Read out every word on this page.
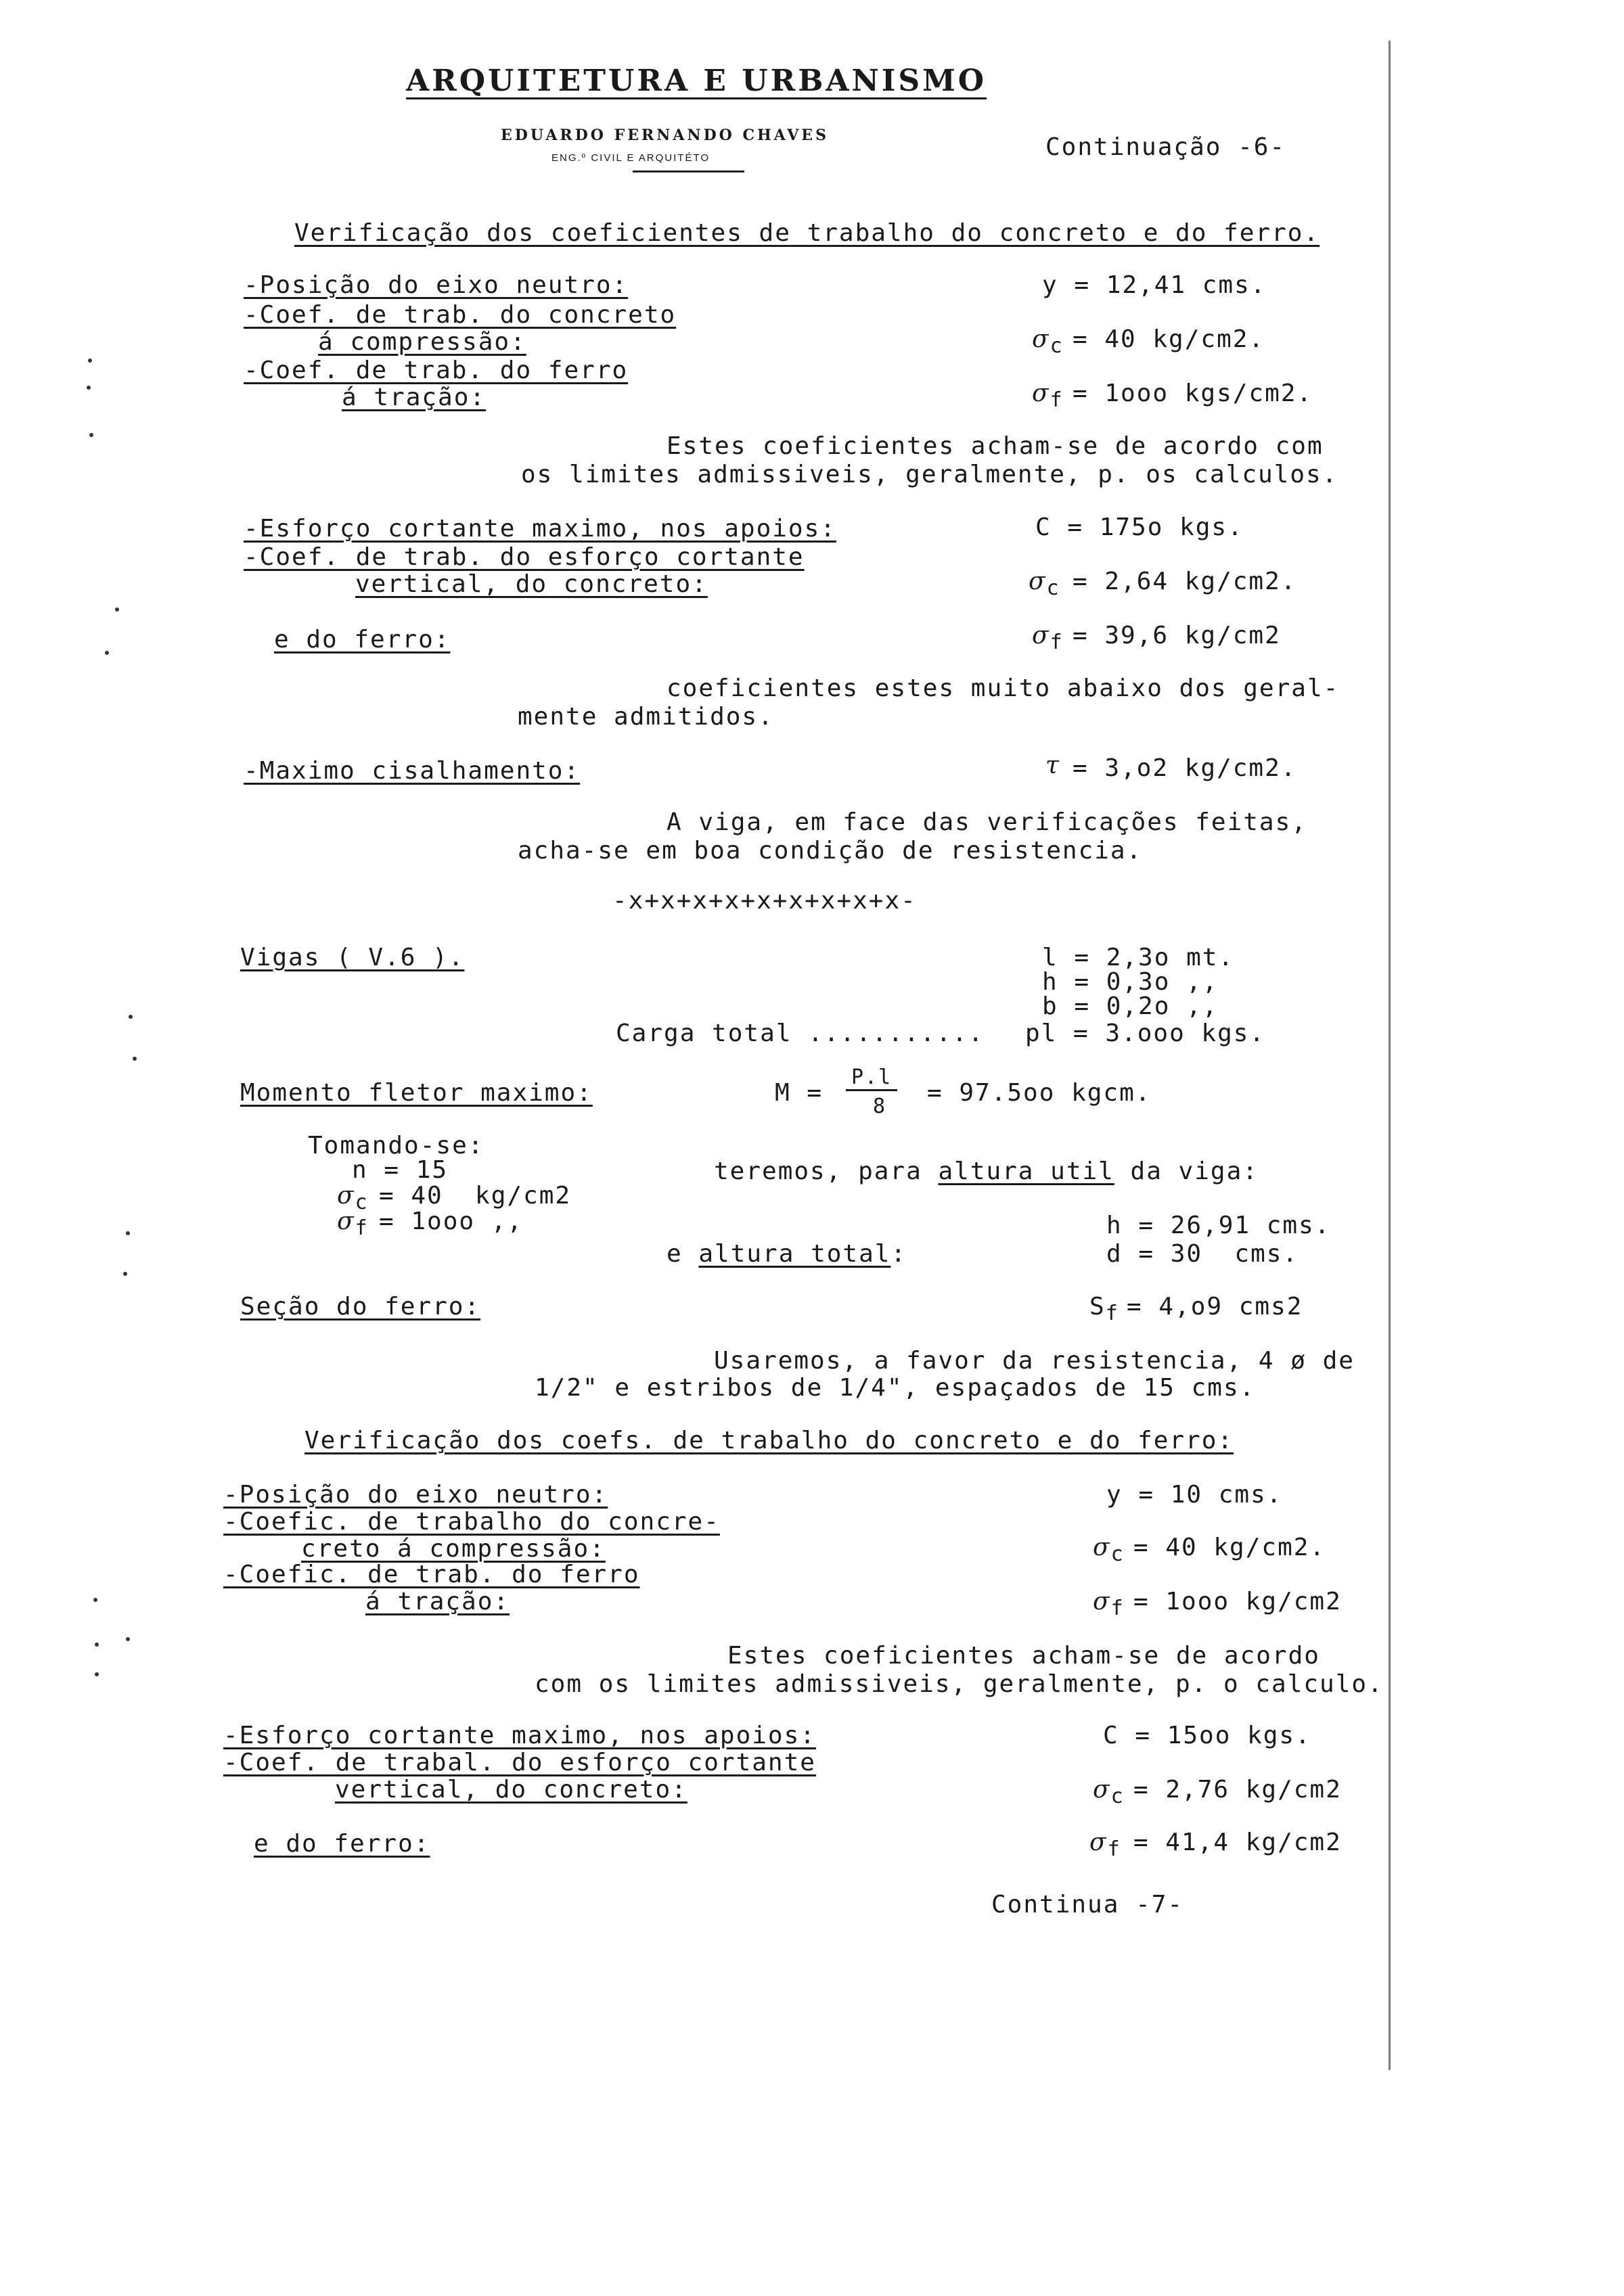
ARQUITETURA E URBANISMO
EDUARDO FERNANDO CHAVES
ENG.º CIVIL E ARQUITÉTO	Continuação -6-
Verificação dos coeficientes de trabalho do concreto e do ferro.
-Posição do eixo neutro:	y = 12,41 cms.
-Coef. de trab. do concreto
á compressão:	$\sigma_c = 40$ kg/cm2.
-Coef. de trab. do ferro
á tração:	$\sigma_f = 1ooo$ kgs/cm2.
Estes coeficientes acham-se de acordo com
os limites admissiveis, geralmente, p. os calculos.
-Esforço cortante maximo, nos apoios:	C = 175o kgs.
-Coef. de trab. do esforço cortante
vertical, do concreto:	$\sigma_c = 2,64$ kg/cm2.
e do ferro:	$\sigma_f = 39,6$ kg/cm2
coeficientes estes muito abaixo dos geral-
mente admitidos.
-Maximo cisalhamento:	τ = 3,o2 kg/cm2.
A viga, em face das verificações feitas,
acha-se em boa condição de resistencia.
-x+x+x+x+x+x+x+x+x-
Vigas ( V.6 ).	l = 2,3o mt.
h = 0,3o ,,
b = 0,2o ,,
Carga total ........... pl = 3.ooo kgs.
Momento fletor maximo:	M =
P.l
8 = 97.5oo kgcm.
Tomando-se:
n = 15
$\sigma_c = 40$  kg/cm2
$\sigma_f = 1ooo$ ,,
teremos, para altura util da viga:
h = 26,91 cms.
e altura total:	d = 30  cms.
Seção do ferro:	$S_f = 4,o9$ cms2
Usaremos, a favor da resistencia, 4 ø de
1/2" e estribos de 1/4", espaçados de 15 cms.
Verificação dos coefs. de trabalho do concreto e do ferro:
-Posição do eixo neutro:	y = 10 cms.
-Coefic. de trabalho do concre-
creto á compressão:	$\sigma_c = 40$ kg/cm2.
-Coefic. de trab. do ferro
á tração:	$\sigma_f = 1ooo$ kg/cm2
Estes coeficientes acham-se de acordo
com os limites admissiveis, geralmente, p. o calculo.
-Esforço cortante maximo, nos apoios:	C = 15oo kgs.
-Coef. de trabal. do esforço cortante
vertical, do concreto:	$\sigma_c = 2,76$ kg/cm2
e do ferro:	$\sigma_f = 41,4$ kg/cm2
Continua -7-
